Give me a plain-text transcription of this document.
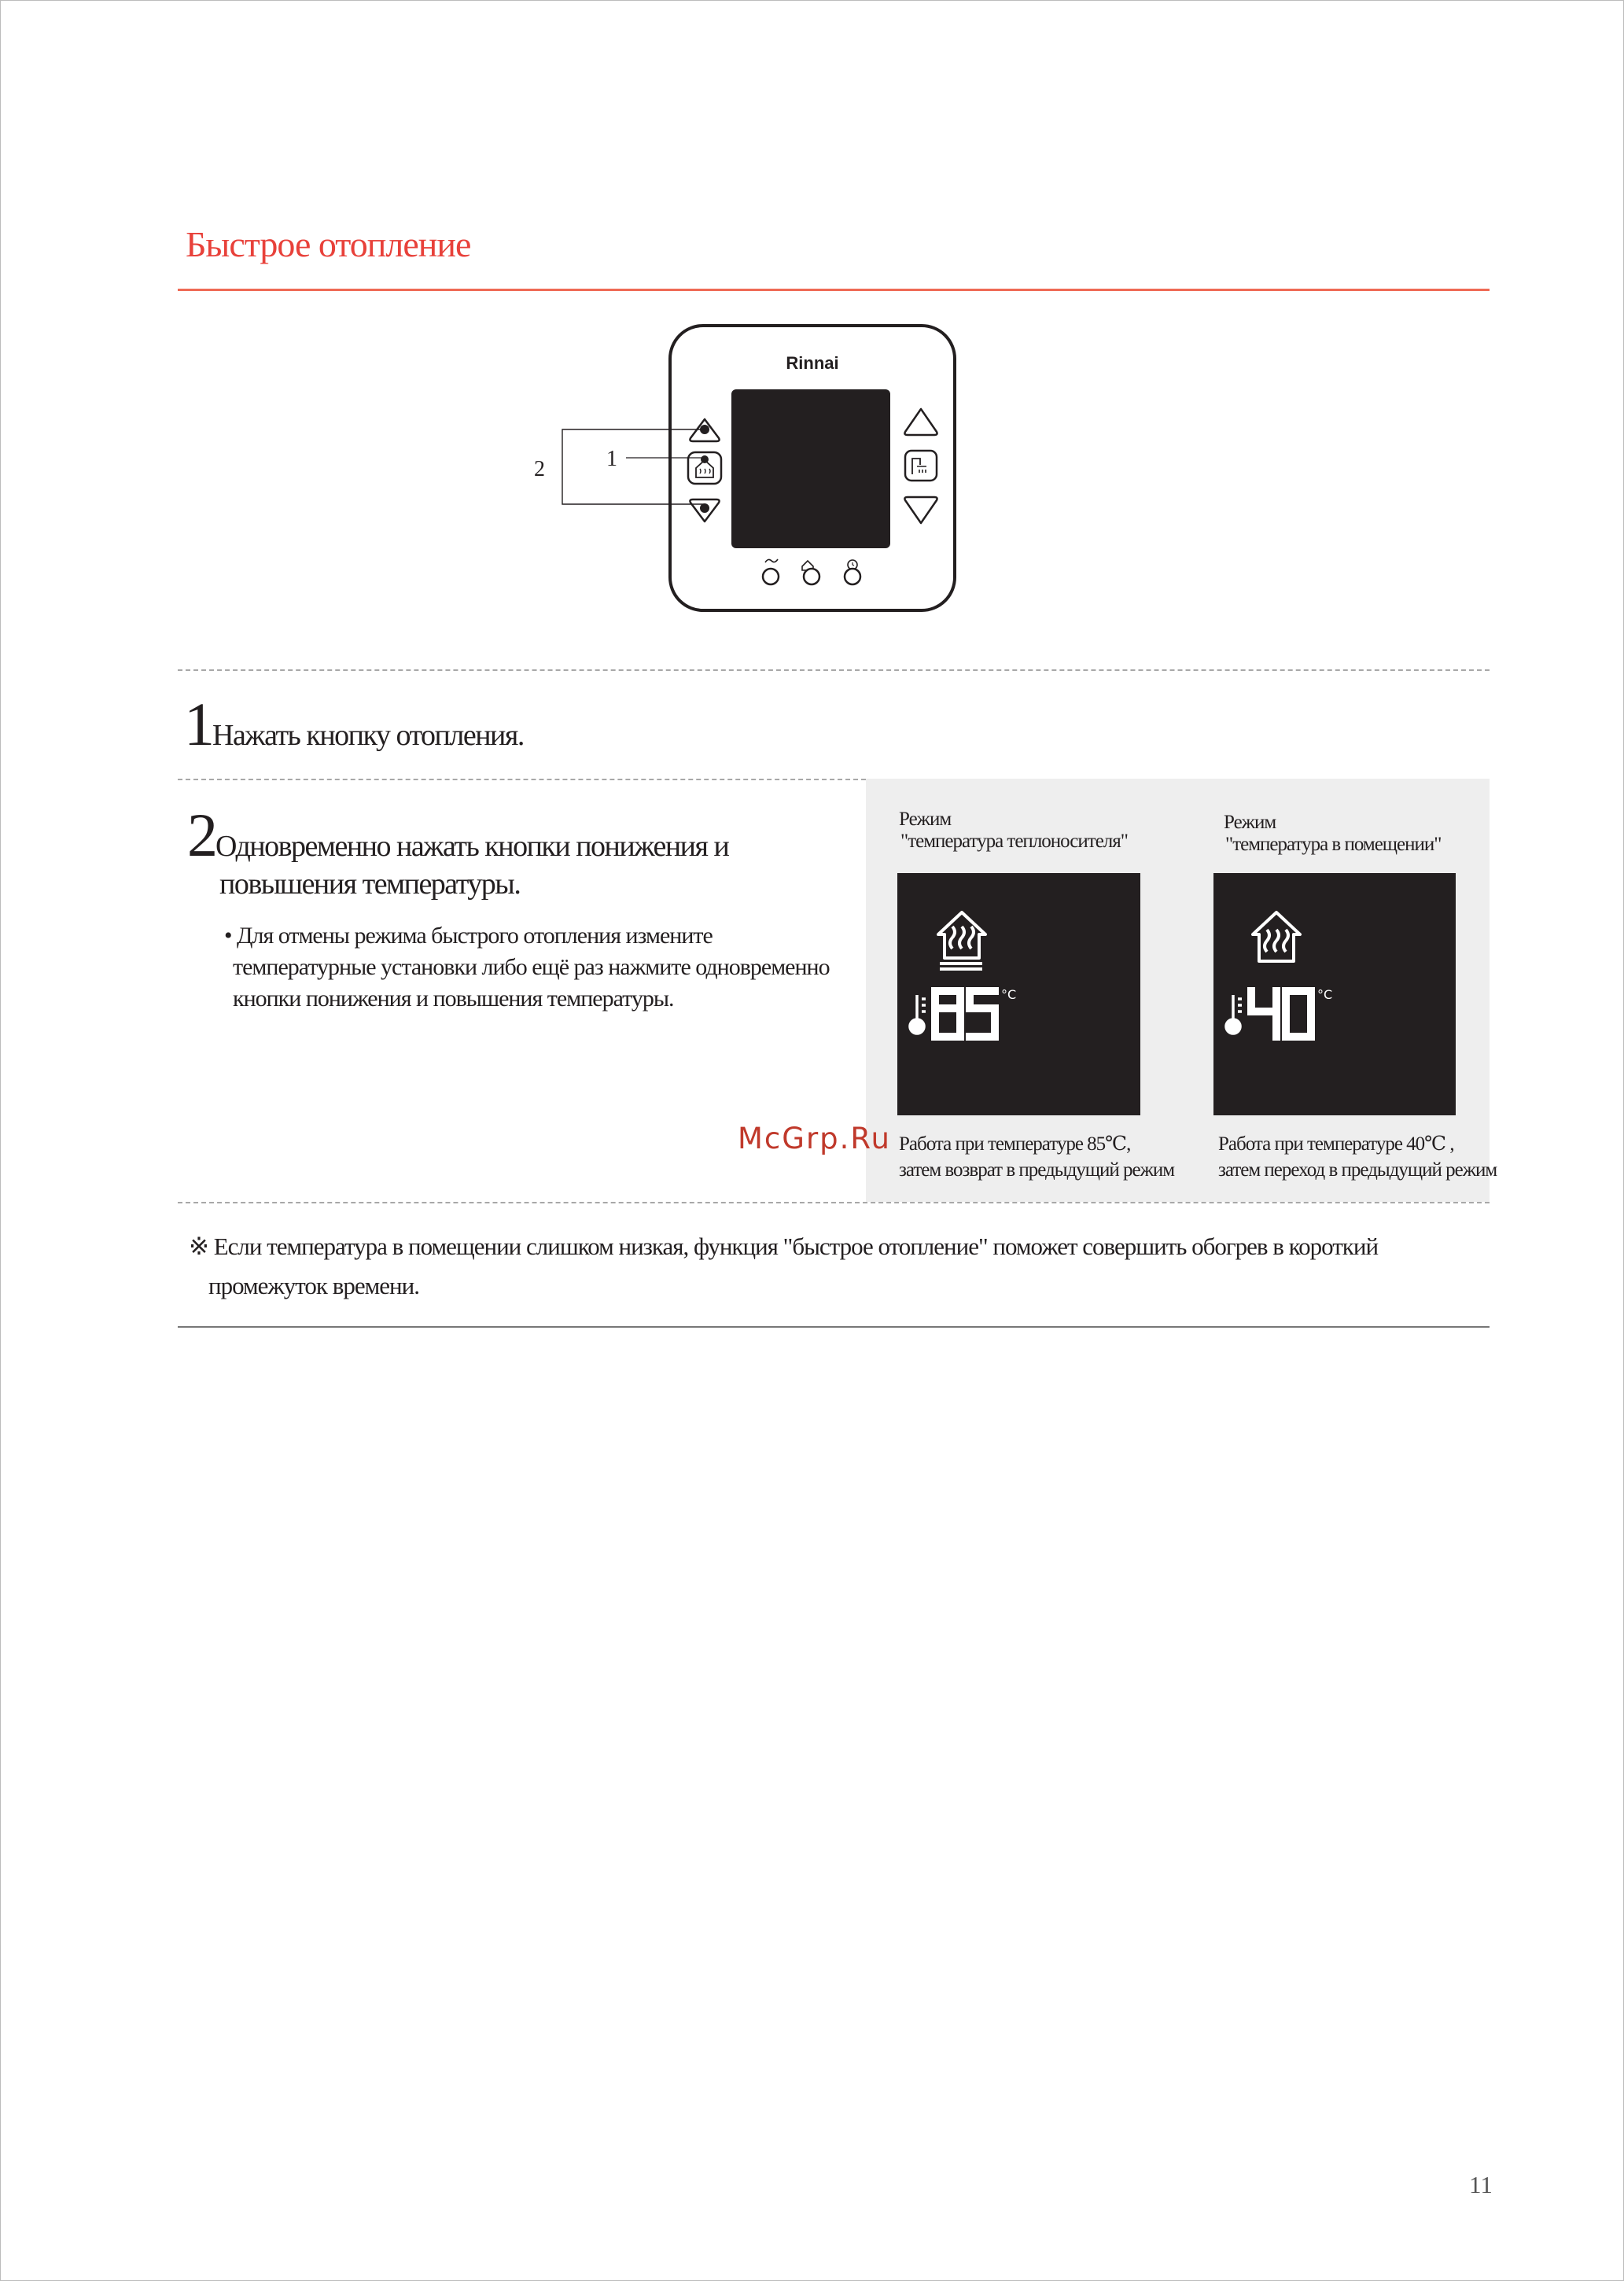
Быстрое отопление
Rinnai
1
2
1Нажать кнопку отопления.
2Одновременно нажать кнопки понижения и
повышения температуры.
• Для отмены режима быстрого отопления измените
температурные установки либо ещё раз нажмите одновременно
кнопки понижения и повышения температуры.
Режим
"температура теплоносителя"
°C
85
Работа при температуре 85℃,
затем возврат в предыдущий режим
Режим
"температура в помещении"
°C
40
Работа при температуре 40℃ ,
затем переход в предыдущий режим
McGrp.Ru
※ Если температура в помещении слишком низкая, функция "быстрое отопление" поможет совершить обогрев в короткий
промежуток времени.
11
